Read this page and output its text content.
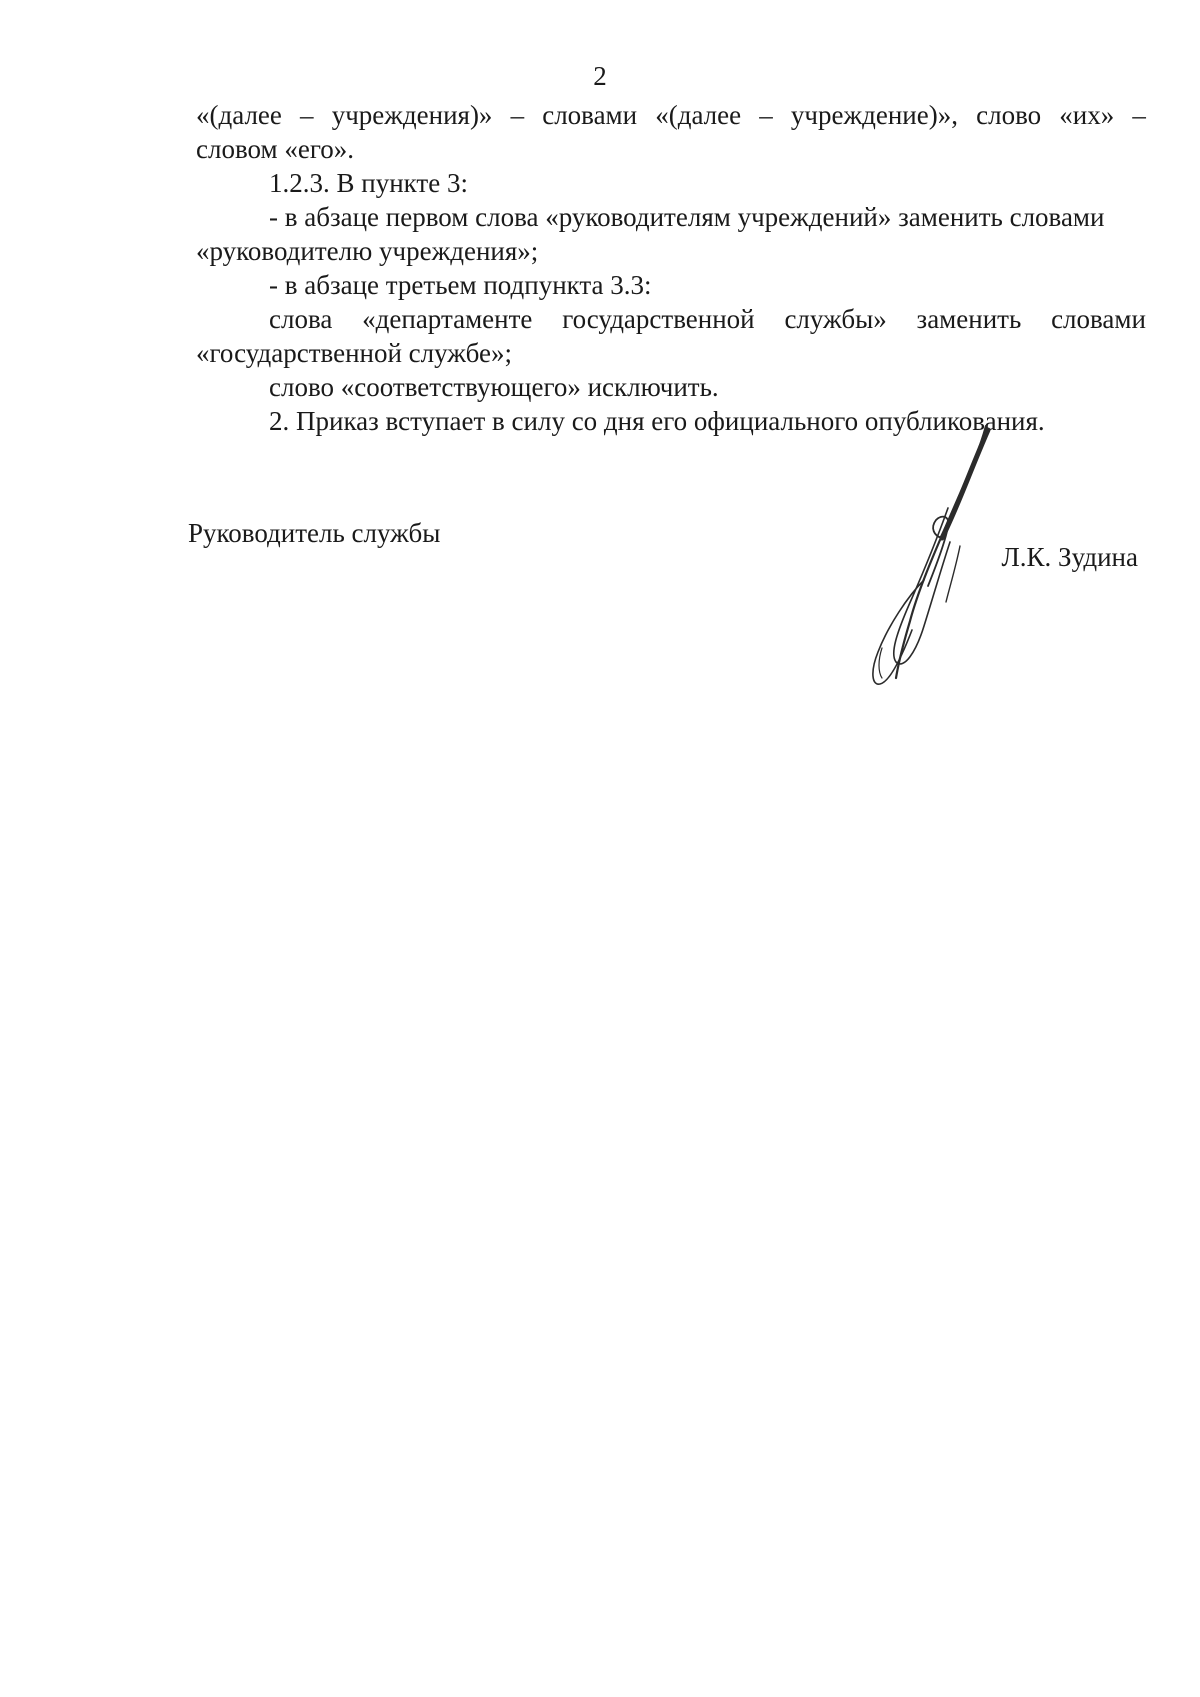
2
«(далее – учреждения)» – словами «(далее – учреждение)», слово «их» –
словом «его».
1.2.3. В пункте 3:
- в абзаце первом слова «руководителям учреждений» заменить словами
«руководителю учреждения»;
- в абзаце третьем подпункта 3.3:
слова «департаменте государственной службы» заменить словами
«государственной службе»;
слово «соответствующего» исключить.
2. Приказ вступает в силу со дня его официального опубликования.
Руководитель службы
Л.К. Зудина
